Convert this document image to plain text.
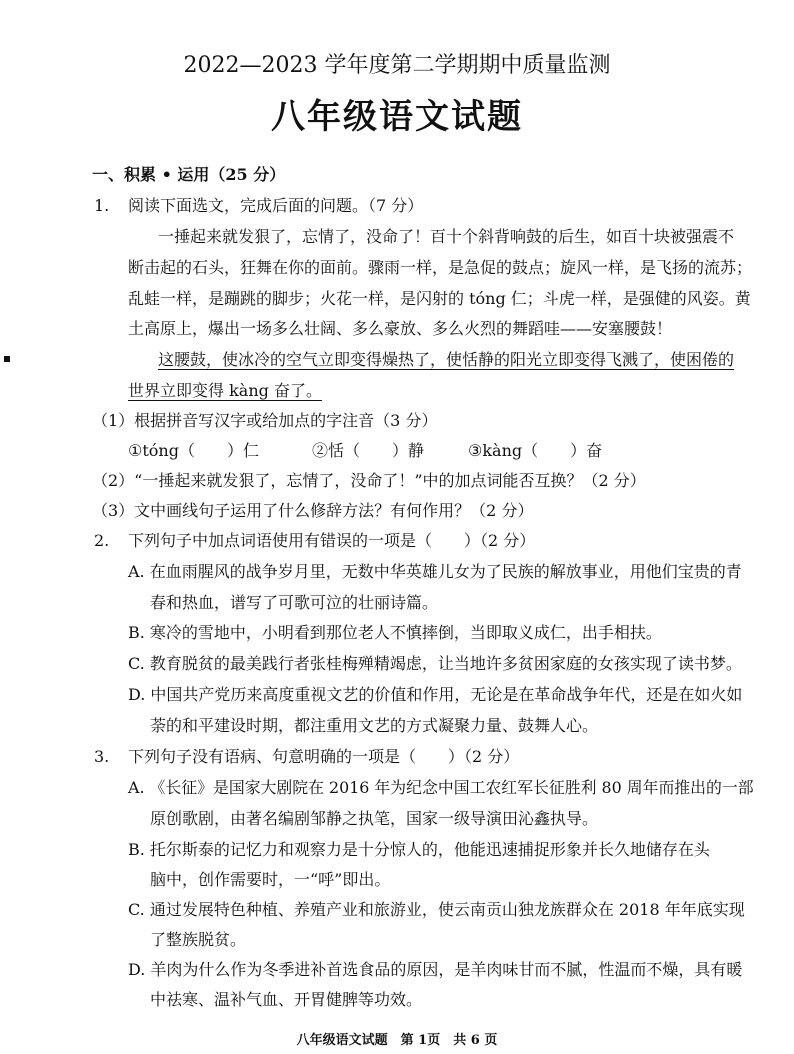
2022—2023 学年度第二学期期中质量监测
八年级语文试题
一、积累 • 运用（25 分）
1. 阅读下面选文，完成后面的问题。（7 分）
一捶起来就发狠了，忘情了，没命了！百十个斜背响鼓的后生，如百十块被强震不
断击起的石头，狂舞在你的面前。骤雨一样，是急促的鼓点；旋风一样，是飞扬的流苏；
乱蛙一样，是蹦跳的脚步；火花一样，是闪射的 tóng 仁；斗虎一样，是强健的风姿。黄
土高原上，爆出一场多么壮阔、多么豪放、多么火烈的舞蹈哇——安塞腰鼓！
这腰鼓，使冰冷的空气立即变得燥热了，使恬静的阳光立即变得飞溅了，使困倦的
世界立即变得 kàng 奋了。
（1）根据拼音写汉字或给加点的字注音（3 分）
①tóng（　　）仁	②恬（　　）静	③kàng（　　）奋
（2）“一捶起来就发狠了，忘情了，没命了！”中的加点词能否互换？（2 分）
（3）文中画线句子运用了什么修辞方法？有何作用？（2 分）
2. 下列句子中加点词语使用有错误的一项是（　　）（2 分）
A. 在血雨腥风的战争岁月里，无数中华英雄儿女为了民族的解放事业，用他们宝贵的青
春和热血，谱写了可歌可泣的壮丽诗篇。
B. 寒冷的雪地中，小明看到那位老人不慎摔倒，当即取义成仁，出手相扶。
C. 教育脱贫的最美践行者张桂梅殚精竭虑，让当地许多贫困家庭的女孩实现了读书梦。
D. 中国共产党历来高度重视文艺的价值和作用，无论是在革命战争年代，还是在如火如
荼的和平建设时期，都注重用文艺的方式凝聚力量、鼓舞人心。
3. 下列句子没有语病、句意明确的一项是（　　）（2 分）
A. 《长征》是国家大剧院在 2016 年为纪念中国工农红军长征胜利 80 周年而推出的一部
原创歌剧，由著名编剧邹静之执笔，国家一级导演田沁鑫执导。
B. 托尔斯泰的记忆力和观察力是十分惊人的，他能迅速捕捉形象并长久地储存在头
脑中，创作需要时，一“呼”即出。
C. 通过发展特色种植、养殖产业和旅游业，使云南贡山独龙族群众在 2018 年年底实现
了整族脱贫。
D. 羊肉为什么作为冬季进补首选食品的原因，是羊肉味甘而不腻，性温而不燥，具有暖
中祛寒、温补气血、开胃健脾等功效。
八年级语文试题　第 1页　共 6 页
